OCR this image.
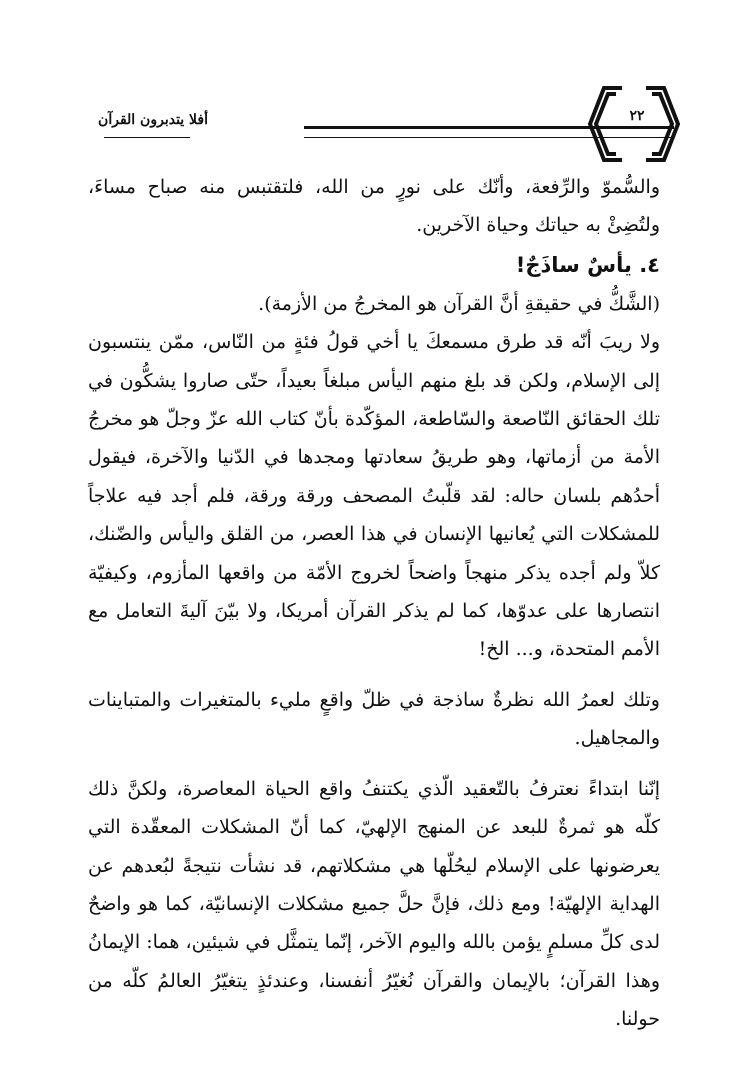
أفلا يتدبرون القرآن	٢٢

والسُّموّ والرِّفعة، وأنّك على نورٍ من الله، فلتقتبس منه صباح مساءَ، ولتُضِئْ به حياتك وحياة الآخرين.

٤. يأسٌ ساذَجٌ!

(الشَّكُّ في حقيقةِ أنَّ القرآن هو المخرجُ من الأزمة).

ولا ريبَ أنّه قد طرق مسمعكَ يا أخي قولُ فئةٍ من النّاس، ممّن ينتسبون إلى الإسلام، ولكن قد بلغ منهم اليأس مبلغاً بعيداً، حتّى صاروا يشكُّون في تلك الحقائق النّاصعة والسّاطعة، المؤكّدة بأنّ كتاب الله عزّ وجلّ هو مخرجُ الأمة من أزماتها، وهو طريقُ سعادتها ومجدها في الدّنيا والآخرة، فيقول أحدُهم بلسان حاله: لقد قلّبتُ المصحف ورقة ورقة، فلم أجد فيه علاجاً للمشكلات التي يُعانيها الإنسان في هذا العصر، من القلق واليأس والضّنك، كلاّ ولم أجده يذكر منهجاً واضحاً لخروج الأمّة من واقعها المأزوم، وكيفيّة انتصارها على عدوّها، كما لم يذكر القرآن أمريكا، ولا بيّنَ آليةَ التعامل مع الأمم المتحدة، و... الخ!

وتلك لعمرُ الله نظرةٌ ساذجة في ظلّ واقعٍ مليء بالمتغيرات والمتباينات والمجاهيل.

إنّنا ابتداءً نعترفُ بالتّعقيد الّذي يكتنفُ واقع الحياة المعاصرة، ولكنَّ ذلك كلّه هو ثمرةٌ للبعد عن المنهج الإلهيّ، كما أنّ المشكلات المعقّدة التي يعرضونها على الإسلام ليحُلّها هي مشكلاتهم، قد نشأت نتيجةً لبُعدهم عن الهداية الإلهيّة! ومع ذلك، فإنَّ حلَّ جميع مشكلات الإنسانيّة، كما هو واضحٌ لدى كلِّ مسلمٍ يؤمن بالله واليوم الآخر، إنّما يتمثَّل في شيئين، هما: الإيمانُ وهذا القرآن؛ بالإيمان والقرآن نُغيّرُ أنفسنا، وعندئذٍ يتغيّرُ العالمُ كلّه من حولنا.
